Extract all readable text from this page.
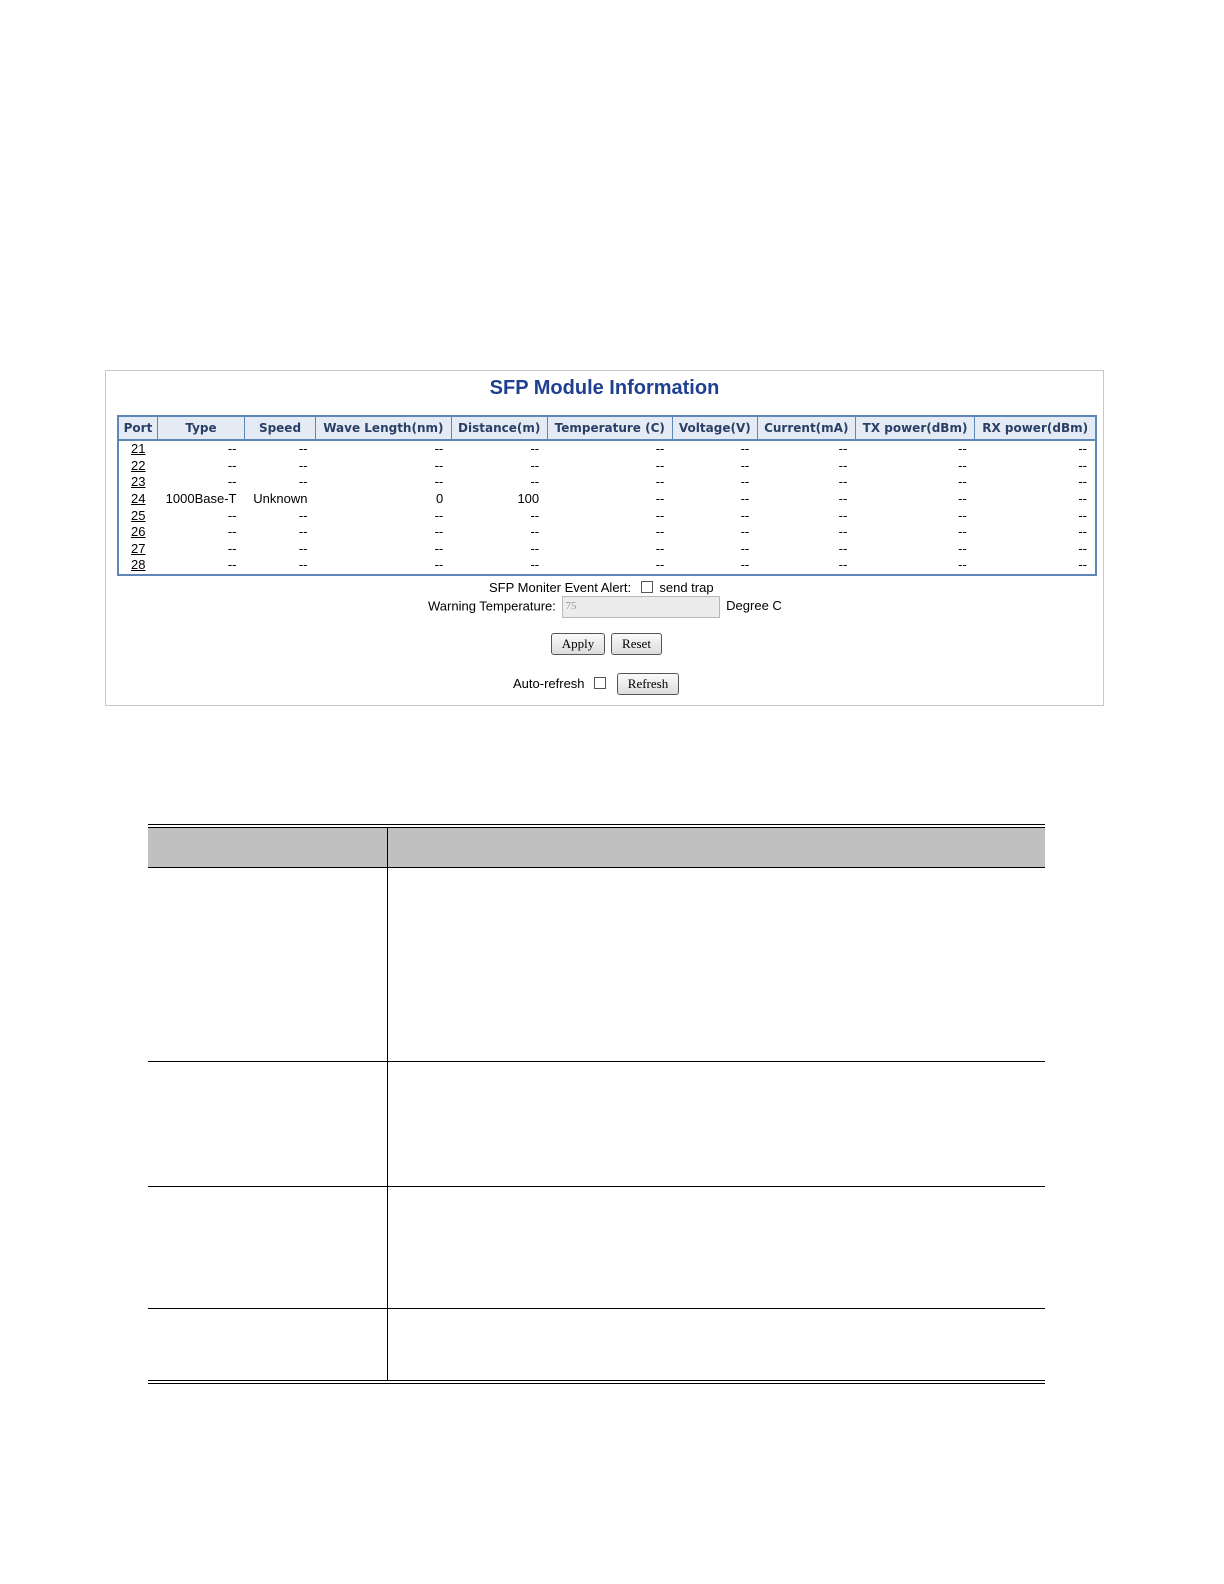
SFP Module Information
Port	Type	Speed	Wave Length(nm)	Distance(m)	Temperature (C)	Voltage(V)	Current(mA)	TX power(dBm)	RX power(dBm)
21	--	--	--	--	--	--	--	--	--
22	--	--	--	--	--	--	--	--	--
23	--	--	--	--	--	--	--	--	--
24	1000Base-T	Unknown	0	100	--	--	--	--	--
25	--	--	--	--	--	--	--	--	--
26	--	--	--	--	--	--	--	--	--
27	--	--	--	--	--	--	--	--	--
28	--	--	--	--	--	--	--	--	--
SFP Moniter Event Alert: send trap
Warning Temperature: 75	Degree C
Apply	Reset
Auto-refresh	Refresh
